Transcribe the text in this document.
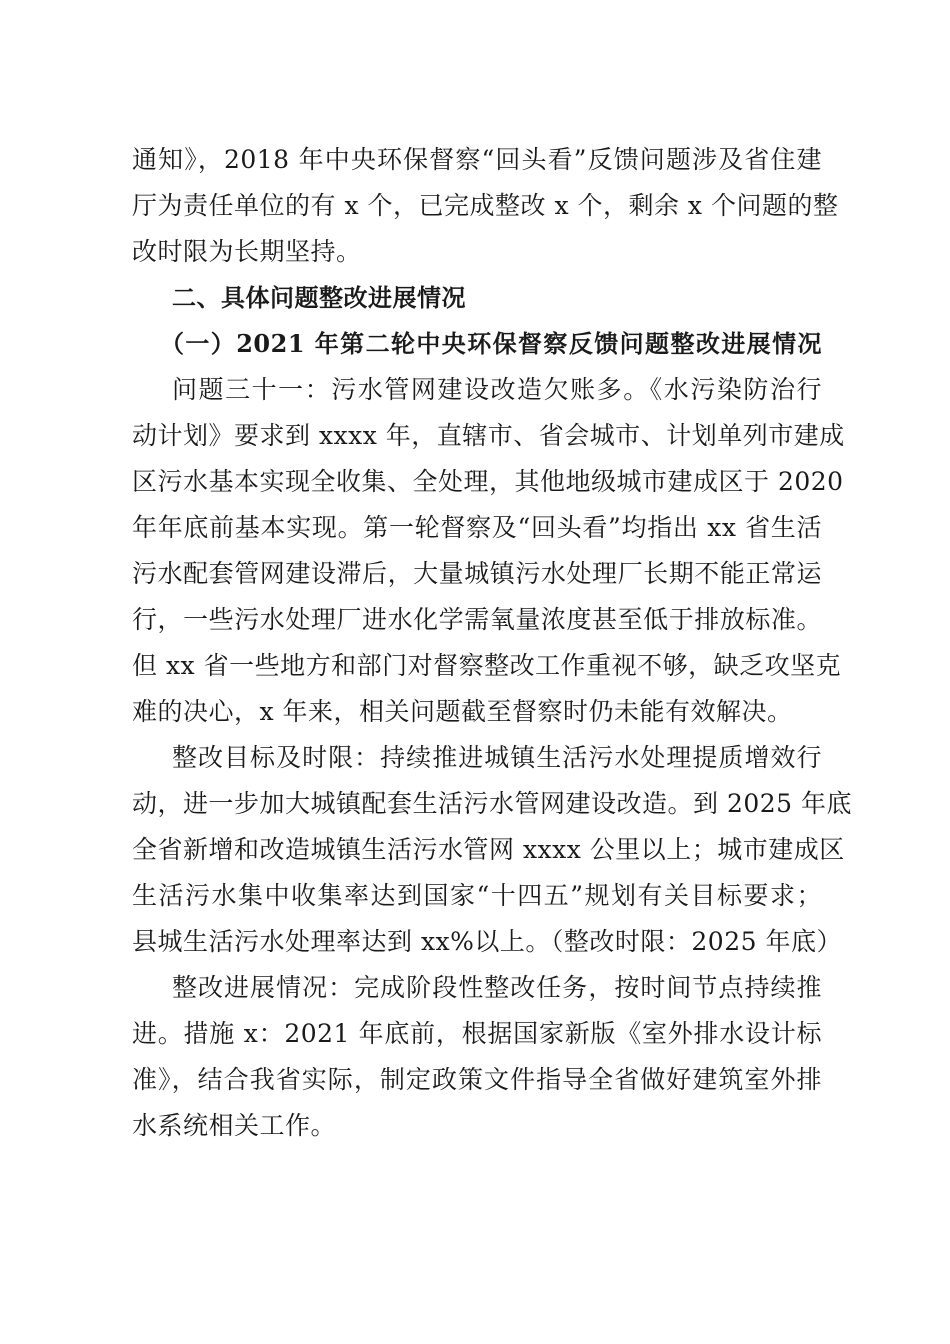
通知》，2018 年中央环保督察“回头看”反馈问题涉及省住建
厅为责任单位的有 x 个，已完成整改 x 个，剩余 x 个问题的整
改时限为长期坚持。
二、具体问题整改进展情况
（一）2021 年第二轮中央环保督察反馈问题整改进展情况
问题三十一：污水管网建设改造欠账多。《水污染防治行
动计划》要求到 xxxx 年，直辖市、省会城市、计划单列市建成
区污水基本实现全收集、全处理，其他地级城市建成区于 2020
年年底前基本实现。第一轮督察及“回头看”均指出 xx 省生活
污水配套管网建设滞后，大量城镇污水处理厂长期不能正常运
行，一些污水处理厂进水化学需氧量浓度甚至低于排放标准。
但 xx 省一些地方和部门对督察整改工作重视不够，缺乏攻坚克
难的决心，x 年来，相关问题截至督察时仍未能有效解决。
整改目标及时限：持续推进城镇生活污水处理提质增效行
动，进一步加大城镇配套生活污水管网建设改造。到 2025 年底
全省新增和改造城镇生活污水管网 xxxx 公里以上；城市建成区
生活污水集中收集率达到国家“十四五”规划有关目标要求；
县城生活污水处理率达到 xx%以上。（整改时限：2025 年底）
整改进展情况：完成阶段性整改任务，按时间节点持续推
进。措施 x：2021 年底前，根据国家新版《室外排水设计标
准》，结合我省实际，制定政策文件指导全省做好建筑室外排
水系统相关工作。
